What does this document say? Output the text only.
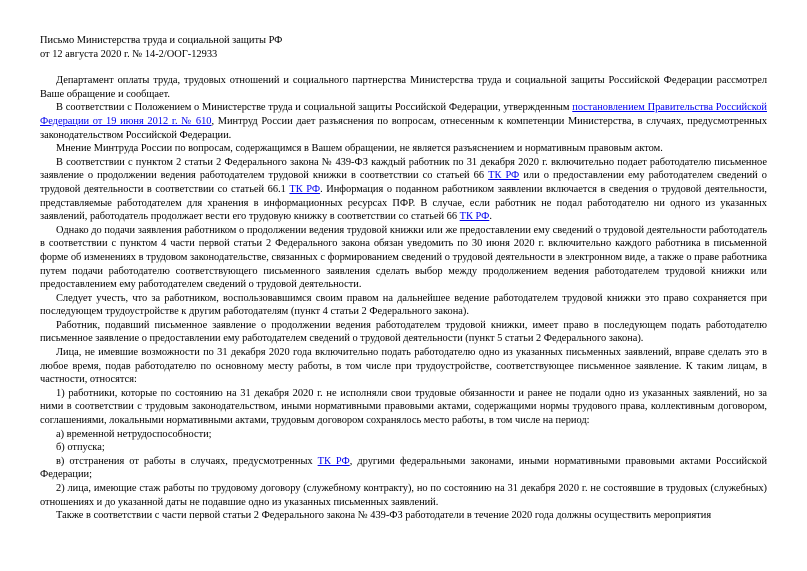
Письмо Министерства труда и социальной защиты РФ
от 12 августа 2020 г. № 14-2/ООГ-12933

Департамент оплаты труда, трудовых отношений и социального партнерства Министерства труда и социальной защиты Российской Федерации рассмотрел Ваше обращение и сообщает.

В соответствии с Положением о Министерстве труда и социальной защиты Российской Федерации, утвержденным постановлением Правительства Российской Федерации от 19 июня 2012 г. № 610, Минтруд России дает разъяснения по вопросам, отнесенным к компетенции Министерства, в случаях, предусмотренных законодательством Российской Федерации.

Мнение Минтруда России по вопросам, содержащимся в Вашем обращении, не является разъяснением и нормативным правовым актом.

В соответствии с пунктом 2 статьи 2 Федерального закона № 439-ФЗ каждый работник по 31 декабря 2020 г. включительно подает работодателю письменное заявление о продолжении ведения работодателем трудовой книжки в соответствии со статьей 66 ТК РФ или о предоставлении ему работодателем сведений о трудовой деятельности в соответствии со статьей 66.1 ТК РФ. Информация о поданном работником заявлении включается в сведения о трудовой деятельности, представляемые работодателем для хранения в информационных ресурсах ПФР. В случае, если работник не подал работодателю ни одного из указанных заявлений, работодатель продолжает вести его трудовую книжку в соответствии со статьей 66 ТК РФ.

Однако до подачи заявления работником о продолжении ведения трудовой книжки или же предоставлении ему сведений о трудовой деятельности работодатель в соответствии с пунктом 4 части первой статьи 2 Федерального закона обязан уведомить по 30 июня 2020 г. включительно каждого работника в письменной форме об изменениях в трудовом законодательстве, связанных с формированием сведений о трудовой деятельности в электронном виде, а также о праве работника путем подачи работодателю соответствующего письменного заявления сделать выбор между продолжением ведения работодателем трудовой книжки или предоставлением ему работодателем сведений о трудовой деятельности.

Следует учесть, что за работником, воспользовавшимся своим правом на дальнейшее ведение работодателем трудовой книжки это право сохраняется при последующем трудоустройстве к другим работодателям (пункт 4 статьи 2 Федерального закона).

Работник, подавший письменное заявление о продолжении ведения работодателем трудовой книжки, имеет право в последующем подать работодателю письменное заявление о предоставлении ему работодателем сведений о трудовой деятельности (пункт 5 статьи 2 Федерального закона).

Лица, не имевшие возможности по 31 декабря 2020 года включительно подать работодателю одно из указанных письменных заявлений, вправе сделать это в любое время, подав работодателю по основному месту работы, в том числе при трудоустройстве, соответствующее письменное заявление. К таким лицам, в частности, относятся:

1) работники, которые по состоянию на 31 декабря 2020 г. не исполняли свои трудовые обязанности и ранее не подали одно из указанных заявлений, но за ними в соответствии с трудовым законодательством, иными нормативными правовыми актами, содержащими нормы трудового права, коллективным договором, соглашениями, локальными нормативными актами, трудовым договором сохранялось место работы, в том числе на период:

а) временной нетрудоспособности;

б) отпуска;

в) отстранения от работы в случаях, предусмотренных ТК РФ, другими федеральными законами, иными нормативными правовыми актами Российской Федерации;

2) лица, имеющие стаж работы по трудовому договору (служебному контракту), но по состоянию на 31 декабря 2020 г. не состоявшие в трудовых (служебных) отношениях и до указанной даты не подавшие одно из указанных письменных заявлений.

Также в соответствии с части первой статьи 2 Федерального закона № 439-ФЗ работодатели в течение 2020 года должны осуществить мероприятия
